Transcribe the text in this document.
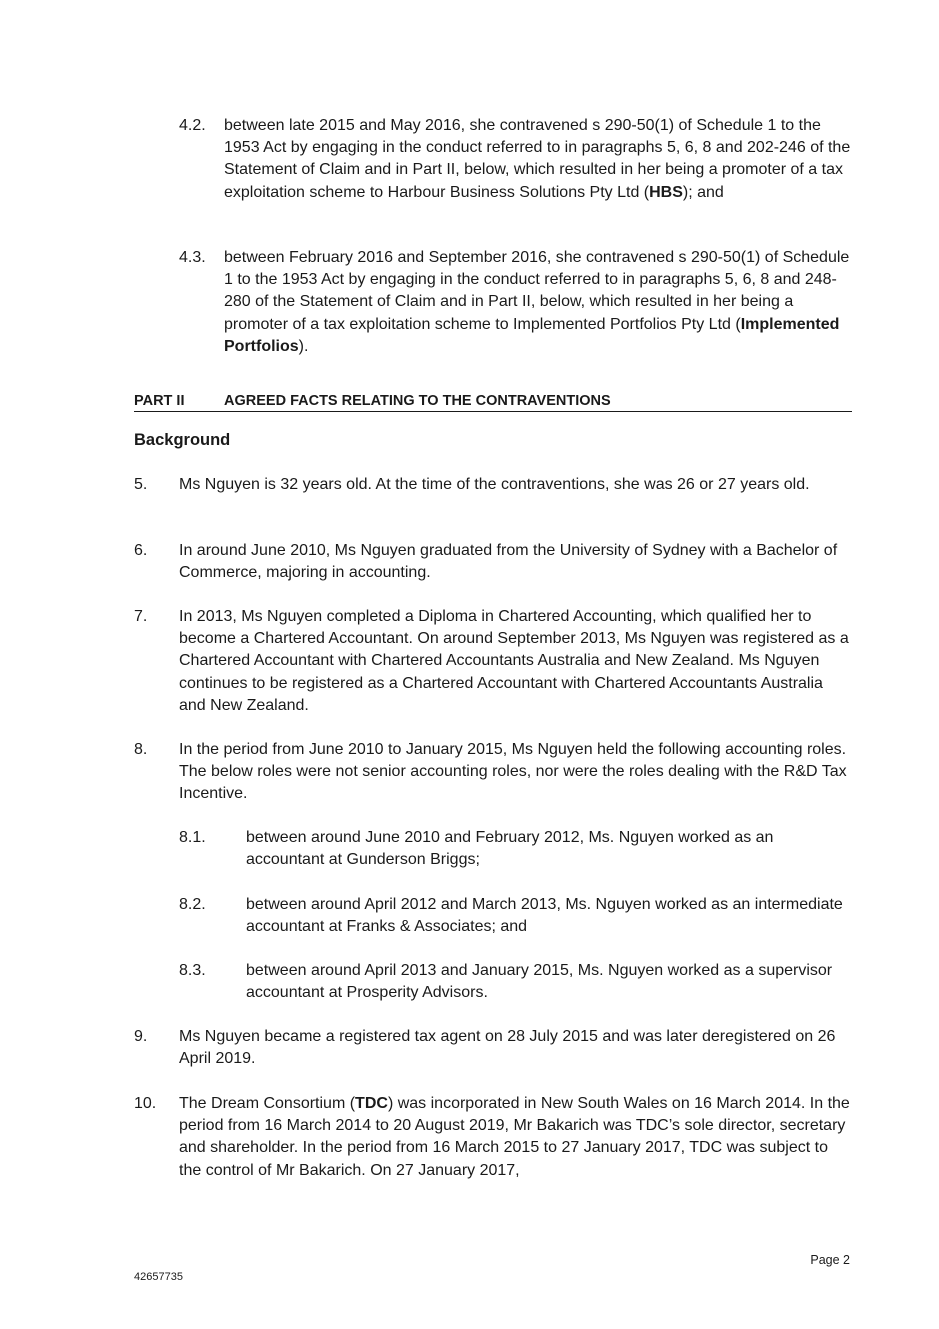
4.2.	between late 2015 and May 2016, she contravened s 290-50(1) of Schedule 1 to the 1953 Act by engaging in the conduct referred to in paragraphs 5, 6, 8 and 202-246 of the Statement of Claim and in Part II, below, which resulted in her being a promoter of a tax exploitation scheme to Harbour Business Solutions Pty Ltd (HBS); and

4.3.	between February 2016 and September 2016, she contravened s 290-50(1) of Schedule 1 to the 1953 Act by engaging in the conduct referred to in paragraphs 5, 6, 8 and 248-280 of the Statement of Claim and in Part II, below, which resulted in her being a promoter of a tax exploitation scheme to Implemented Portfolios Pty Ltd (Implemented Portfolios).

PART II	AGREED FACTS RELATING TO THE CONTRAVENTIONS
Background
5.	Ms Nguyen is 32 years old. At the time of the contraventions, she was 26 or 27 years old.

6.	In around June 2010, Ms Nguyen graduated from the University of Sydney with a Bachelor of Commerce, majoring in accounting.

7.	In 2013, Ms Nguyen completed a Diploma in Chartered Accounting, which qualified her to become a Chartered Accountant. On around September 2013, Ms Nguyen was registered as a Chartered Accountant with Chartered Accountants Australia and New Zealand. Ms Nguyen continues to be registered as a Chartered Accountant with Chartered Accountants Australia and New Zealand.

8.	In the period from June 2010 to January 2015, Ms Nguyen held the following accounting roles. The below roles were not senior accounting roles, nor were the roles dealing with the R&D Tax Incentive.

8.1.	between around June 2010 and February 2012, Ms. Nguyen worked as an accountant at Gunderson Briggs;

8.2.	between around April 2012 and March 2013, Ms. Nguyen worked as an intermediate accountant at Franks & Associates; and

8.3.	between around April 2013 and January 2015, Ms. Nguyen worked as a supervisor accountant at Prosperity Advisors.

9.	Ms Nguyen became a registered tax agent on 28 July 2015 and was later deregistered on 26 April 2019.

10.	The Dream Consortium (TDC) was incorporated in New South Wales on 16 March 2014. In the period from 16 March 2014 to 20 August 2019, Mr Bakarich was TDC’s sole director, secretary and shareholder. In the period from 16 March 2015 to 27 January 2017, TDC was subject to the control of Mr Bakarich. On 27 January 2017,

Page 2
42657735
